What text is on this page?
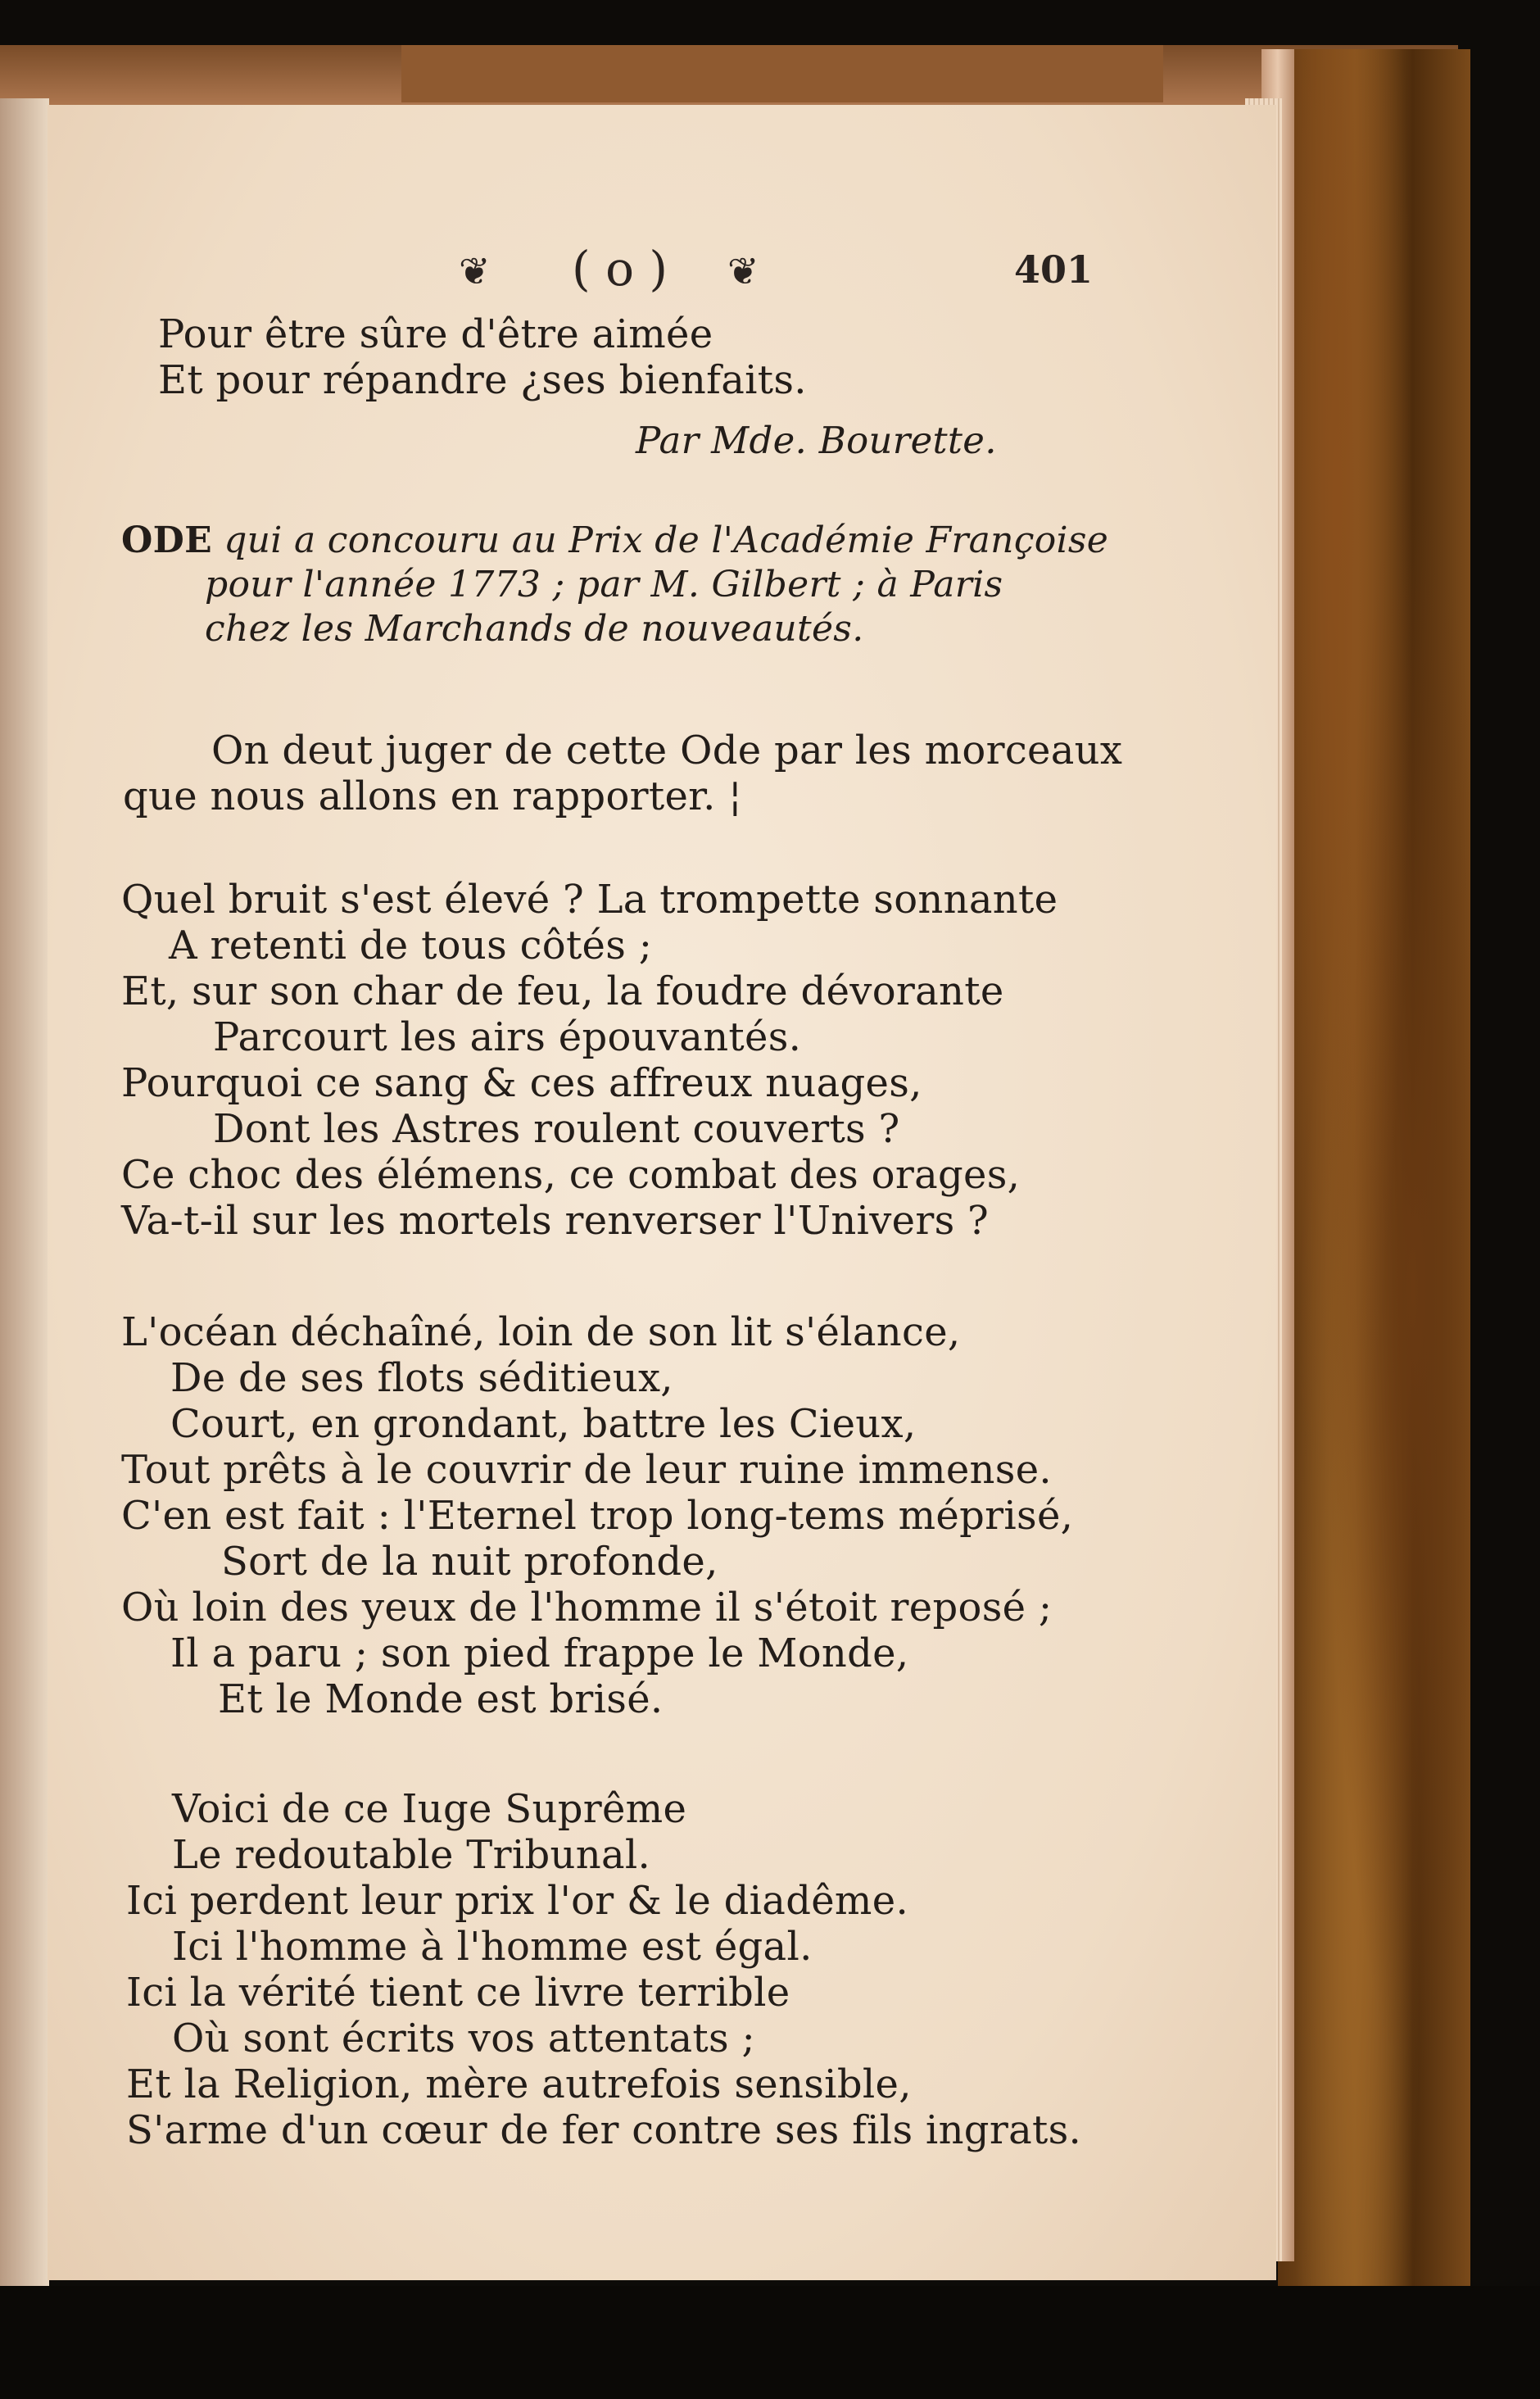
❦ ( o ) ❦	401
Pour être sûre d'être aimée
Et pour répandre ¿ses bienfaits.
Par Mde. Bourette.
ODE qui a concouru au Prix de l'Académie Françoise
pour l'année 1773 ; par M. Gilbert ; à Paris
chez les Marchands de nouveautés.
On deut juger de cette Ode par les morceaux
que nous allons en rapporter. ¦
Quel bruit s'est élevé ? La trompette sonnante
A retenti de tous côtés ;
Et, sur son char de feu, la foudre dévorante
Parcourt les airs épouvantés.
Pourquoi ce sang & ces affreux nuages,
Dont les Astres roulent couverts ?
Ce choc des élémens, ce combat des orages,
Va-t-il sur les mortels renverser l'Univers ?
L'océan déchaîné, loin de son lit s'élance,
De de ses flots séditieux,
Court, en grondant, battre les Cieux,
Tout prêts à le couvrir de leur ruine immense.
C'en est fait : l'Eternel trop long-tems méprisé,
Sort de la nuit profonde,
Où loin des yeux de l'homme il s'étoit reposé ;
Il a paru ; son pied frappe le Monde,
Et le Monde est brisé.
Voici de ce Iuge Suprême
Le redoutable Tribunal.
Ici perdent leur prix l'or & le diadême.
Ici l'homme à l'homme est égal.
Ici la vérité tient ce livre terrible
Où sont écrits vos attentats ;
Et la Religion, mère autrefois sensible,
S'arme d'un cœur de fer contre ses fils ingrats.
